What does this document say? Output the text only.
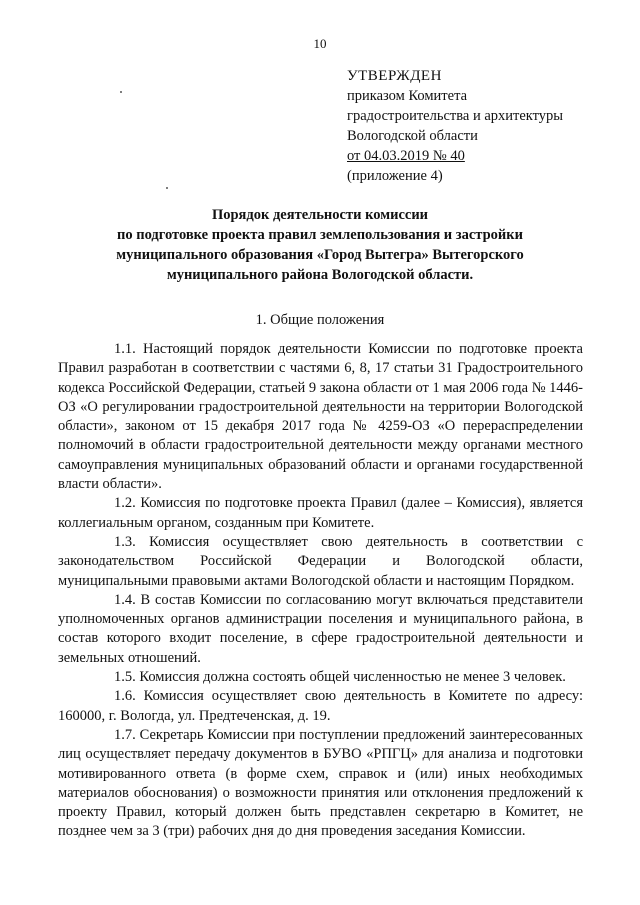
10
УТВЕРЖДЕН
приказом Комитета
градостроительства и архитектуры
Вологодской области
от 04.03.2019 № 40
(приложение 4)
Порядок деятельности комиссии
по подготовке проекта правил землепользования и застройки
муниципального образования «Город Вытегра» Вытегорского
муниципального района Вологодской области.
1. Общие положения

1.1. Настоящий порядок деятельности Комиссии по подготовке проекта Правил разработан в соответствии с частями 6, 8, 17 статьи 31 Градостроительного кодекса Российской Федерации, статьей 9 закона области от 1 мая 2006 года № 1446-ОЗ «О регулировании градостроительной деятельности на территории Вологодской области», законом от 15 декабря 2017 года № 4259-ОЗ «О перераспределении полномочий в области градостроительной деятельности между органами местного самоуправления муниципальных образований области и органами государственной власти области».

1.2. Комиссия по подготовке проекта Правил (далее – Комиссия), является коллегиальным органом, созданным при Комитете.

1.3. Комиссия осуществляет свою деятельность в соответствии с законодательством Российской Федерации и Вологодской области, муниципальными правовыми актами Вологодской области и настоящим Порядком.

1.4. В состав Комиссии по согласованию могут включаться представители уполномоченных органов администрации поселения и муниципального района, в состав которого входит поселение, в сфере градостроительной деятельности и земельных отношений.

1.5. Комиссия должна состоять общей численностью не менее 3 человек.

1.6. Комиссия осуществляет свою деятельность в Комитете по адресу: 160000, г. Вологда, ул. Предтеченская, д. 19.

1.7. Секретарь Комиссии при поступлении предложений заинтересованных лиц осуществляет передачу документов в БУВО «РПГЦ» для анализа и подготовки мотивированного ответа (в форме схем, справок и (или) иных необходимых материалов обоснования) о возможности принятия или отклонения предложений к проекту Правил, который должен быть представлен секретарю в Комитет, не позднее чем за 3 (три) рабочих дня до дня проведения заседания Комиссии.
